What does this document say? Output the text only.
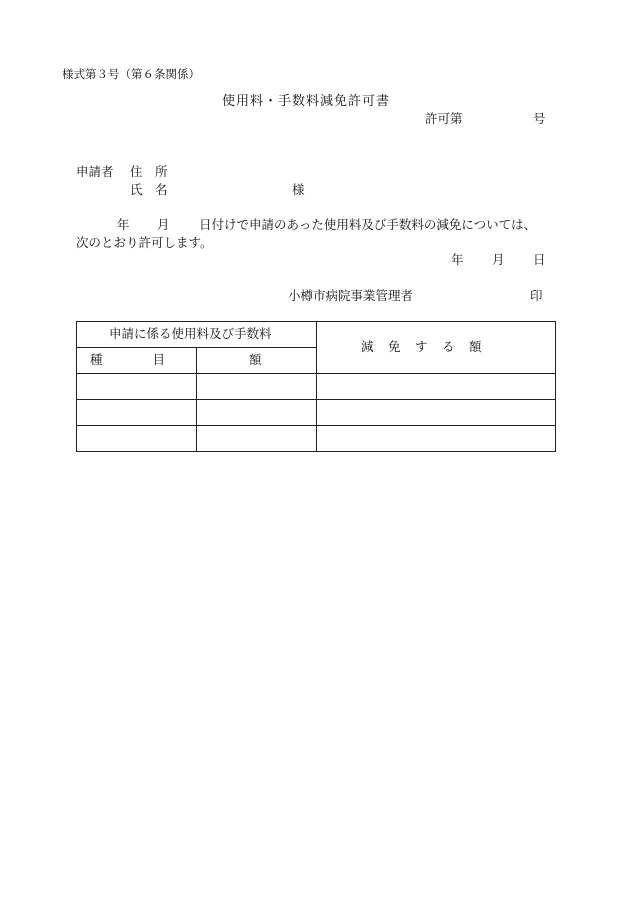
様式第３号（第６条関係）
使用料・手数料減免許可書
許可第	号
申請者 住　所
氏　名	様
年 月 日付けで申請のあった使用料及び手数料の減免については、
次のとおり許可します。
年 月 日
小樽市病院事業管理者	印
申請に係る使用料及び手数料
種　　　　目	額
減　免　す　る　額
